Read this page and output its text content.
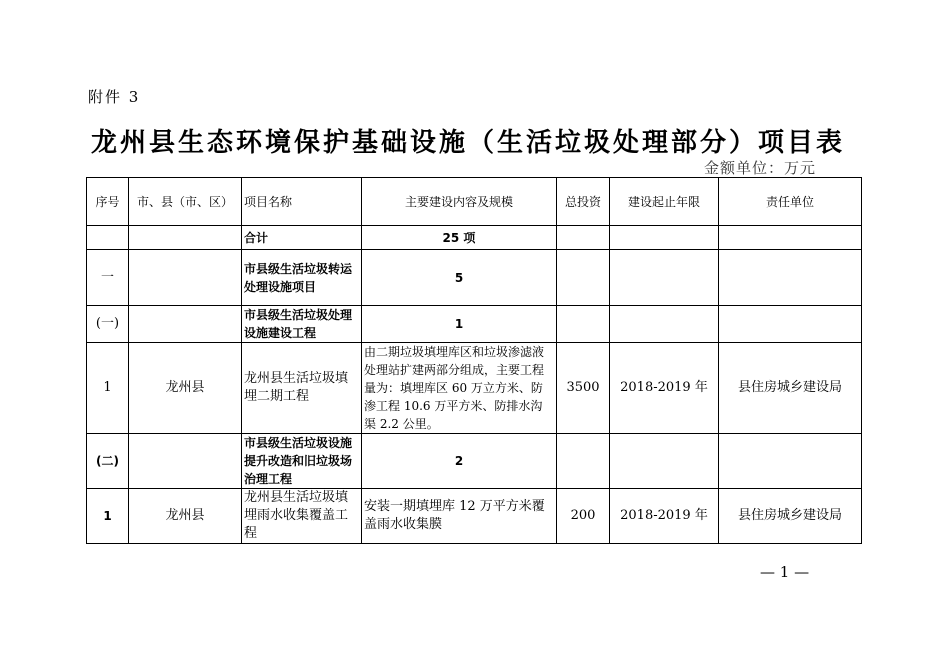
附件 3
龙州县生态环境保护基础设施（生活垃圾处理部分）项目表
金额单位：万元
序号	市、县（市、区）	项目名称	主要建设内容及规模	总投资	建设起止年限	责任单位
		合计	25 项			
一		市县级生活垃圾转运处理设施项目	5			
(一)		市县级生活垃圾处理设施建设工程	1			
1	龙州县	龙州县生活垃圾填埋二期工程	由二期垃圾填埋库区和垃圾渗滤液处理站扩建两部分组成，主要工程量为：填埋库区 60 万立方米、防渗工程 10.6 万平方米、防排水沟渠 2.2 公里。	3500	2018-2019 年	县住房城乡建设局
(二)		市县级生活垃圾设施提升改造和旧垃圾场治理工程	2			
1	龙州县	龙州县生活垃圾填埋雨水收集覆盖工程	安装一期填埋库 12 万平方米覆盖雨水收集膜	200	2018-2019 年	县住房城乡建设局
— 1 —
